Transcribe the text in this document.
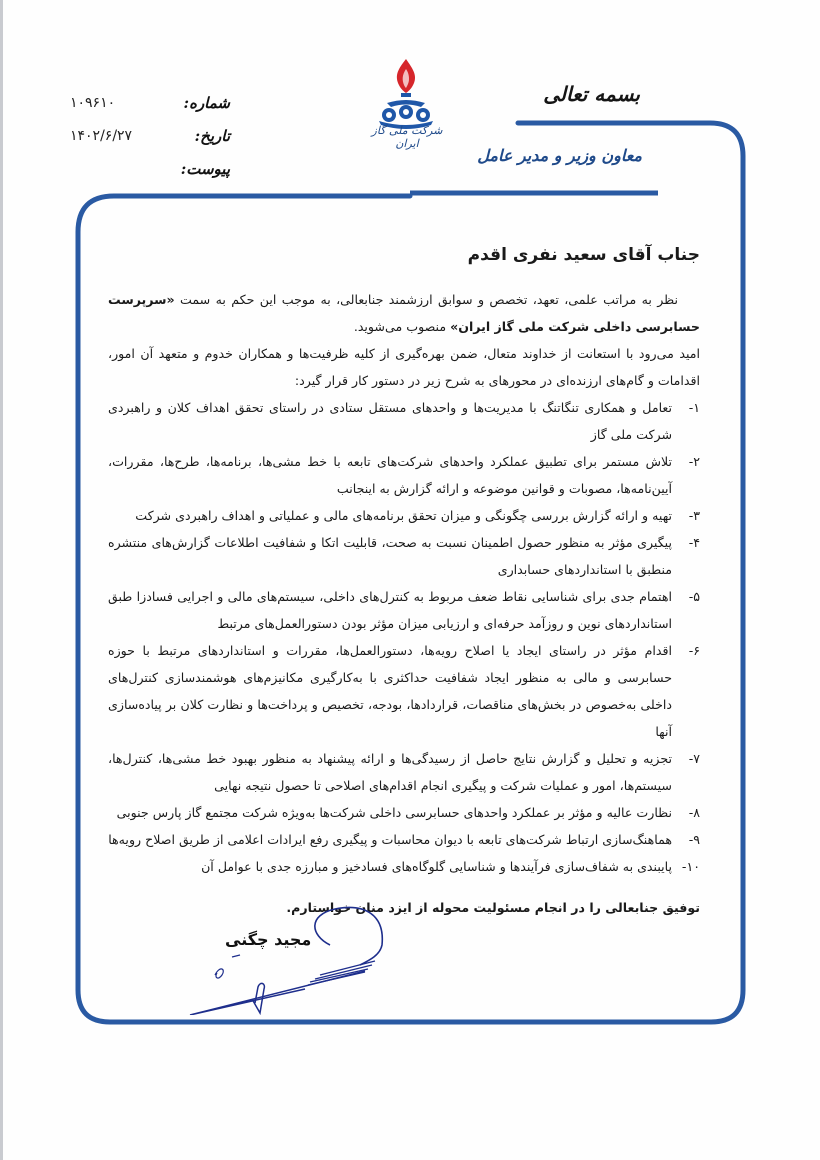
بسمه تعالی
معاون وزیر و مدیر عامل
شرکت ملی گاز ایران
شماره:
۱۰۹۶۱۰
تاریخ:
۱۴۰۲/۶/۲۷
پیوست:
جناب آقای سعید نفری اقدم

نظر به مراتب علمی، تعهد، تخصص و سوابق ارزشمند جنابعالی، به موجب این حکم به سمت «سرپرست حسابرسی داخلی شرکت ملی گاز ایران» منصوب می‌شوید.

امید می‌رود با استعانت از خداوند متعال، ضمن بهره‌گیری از کلیه ظرفیت‌ها و همکاران خدوم و متعهد آن امور، اقدامات و گام‌های ارزنده‌ای در محورهای به شرح زیر در دستور کار قرار گیرد:

۱-
تعامل و همکاری تنگاتنگ با مدیریت‌ها و واحدهای مستقل ستادی در راستای تحقق اهداف کلان و راهبردی شرکت ملی گاز
۲-
تلاش مستمر برای تطبیق عملکرد واحدهای شرکت‌های تابعه با خط مشی‌ها، برنامه‌ها، طرح‌ها، مقررات، آیین‌نامه‌ها، مصوبات و قوانین موضوعه و ارائه گزارش به اینجانب
۳-
تهیه و ارائه گزارش بررسی چگونگی و میزان تحقق برنامه‌های مالی و عملیاتی و اهداف راهبردی شرکت
۴-
پیگیری مؤثر به منظور حصول اطمینان نسبت به صحت، قابلیت اتکا و شفافیت اطلاعات گزارش‌های منتشره منطبق با استانداردهای حسابداری
۵-
اهتمام جدی برای شناسایی نقاط ضعف مربوط به کنترل‌های داخلی، سیستم‌های مالی و اجرایی فسادزا طبق استانداردهای نوین و روزآمد حرفه‌ای و ارزیابی میزان مؤثر بودن دستورالعمل‌های مرتبط
۶-
اقدام مؤثر در راستای ایجاد یا اصلاح رویه‌ها، دستورالعمل‌ها، مقررات و استانداردهای مرتبط با حوزه حسابرسی و مالی به منظور ایجاد شفافیت حداکثری با به‌کارگیری مکانیزم‌های هوشمندسازی کنترل‌های داخلی به‌خصوص در بخش‌های مناقصات، قراردادها، بودجه، تخصیص و پرداخت‌ها و نظارت کلان بر پیاده‌سازی آنها
۷-
تجزیه و تحلیل و گزارش نتایج حاصل از رسیدگی‌ها و ارائه پیشنهاد به منظور بهبود خط مشی‌ها، کنترل‌ها، سیستم‌ها، امور و عملیات شرکت و پیگیری انجام اقدام‌های اصلاحی تا حصول نتیجه نهایی
۸-
نظارت عالیه و مؤثر بر عملکرد واحدهای حسابرسی داخلی شرکت‌ها به‌ویژه شرکت مجتمع گاز پارس جنوبی
۹-
هماهنگ‌سازی ارتباط شرکت‌های تابعه با دیوان محاسبات و پیگیری رفع ایرادات اعلامی از طریق اصلاح رویه‌ها
۱۰-
پایبندی به شفاف‌سازی فرآیندها و شناسایی گلوگاه‌های فسادخیز و مبارزه جدی با عوامل آن

توفیق جنابعالی را در انجام مسئولیت محوله از ایزد منان خواستارم.

مجید چگنی
